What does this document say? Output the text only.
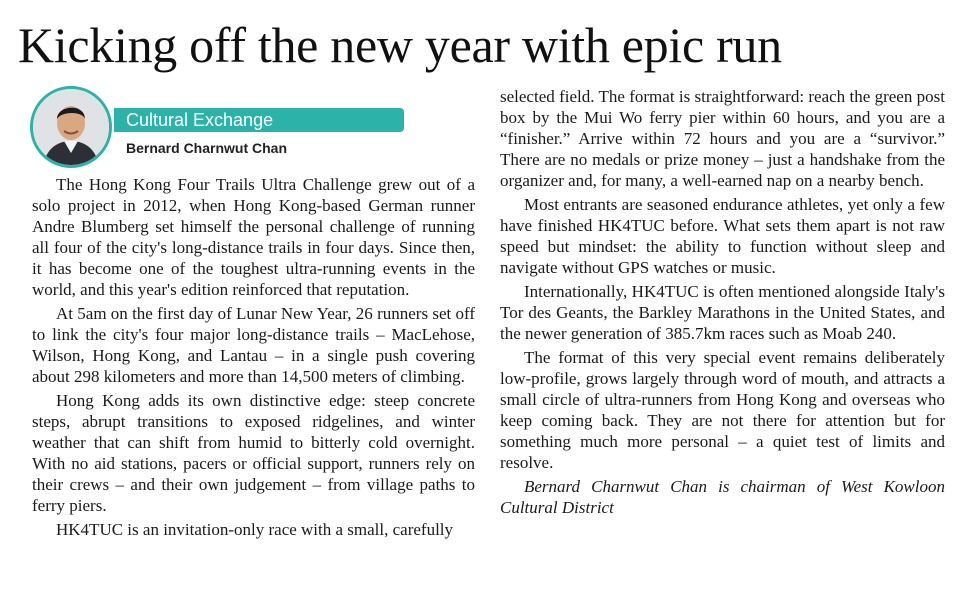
Kicking off the new year with epic run
Cultural Exchange
Bernard Charnwut Chan

The Hong Kong Four Trails Ultra Challenge grew out of a solo project in 2012, when Hong Kong-based German runner Andre Blumberg set himself the personal challenge of running all four of the city's long-distance trails in four days. Since then, it has become one of the toughest ultra-running events in the world, and this year's edition reinforced that reputation.

At 5am on the first day of Lunar New Year, 26 runners set off to link the city's four major long-distance trails – MacLehose, Wilson, Hong Kong, and Lantau – in a single push covering about 298 kilometers and more than 14,500 meters of climbing.

Hong Kong adds its own distinctive edge: steep concrete steps, abrupt transitions to exposed ridgelines, and winter weather that can shift from humid to bitterly cold overnight. With no aid stations, pacers or official support, runners rely on their crews – and their own judgement – from village paths to ferry piers.

HK4TUC is an invitation-only race with a small, carefully

selected field. The format is straightforward: reach the green post box by the Mui Wo ferry pier within 60 hours, and you are a “finisher.” Arrive within 72 hours and you are a “survivor.” There are no medals or prize money – just a handshake from the organizer and, for many, a well-earned nap on a nearby bench.

Most entrants are seasoned endurance athletes, yet only a few have finished HK4TUC before. What sets them apart is not raw speed but mindset: the ability to function without sleep and navigate without GPS watches or music.

Internationally, HK4TUC is often mentioned alongside Italy's Tor des Geants, the Barkley Marathons in the United States, and the newer generation of 385.7km races such as Moab 240.

The format of this very special event remains deliberately low-profile, grows largely through word of mouth, and attracts a small circle of ultra-runners from Hong Kong and overseas who keep coming back. They are not there for attention but for something much more personal – a quiet test of limits and resolve.

Bernard Charnwut Chan is chairman of West Kowloon Cultural District
